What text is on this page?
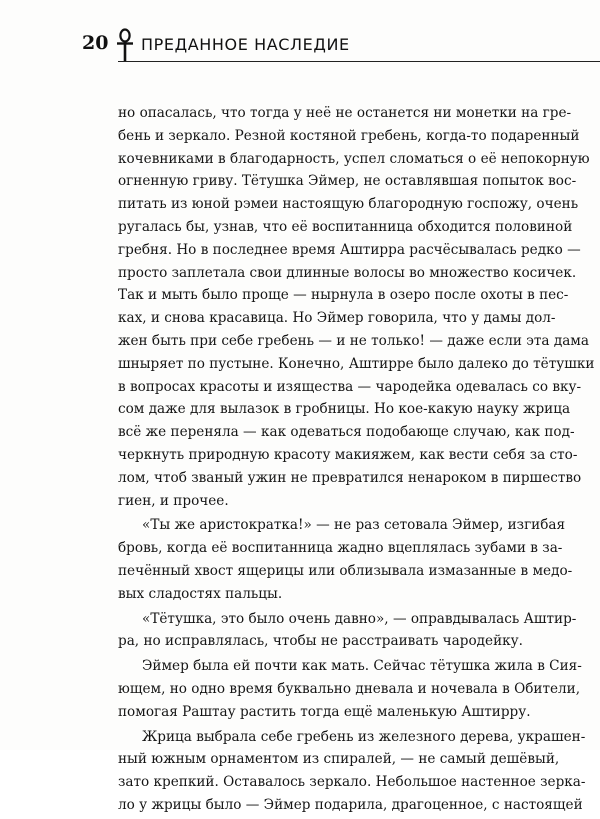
20 ПРЕДАННОЕ НАСЛЕДИЕ
но опасалась, что тогда у неё не останется ни монетки на гре-
бень и зеркало. Резной костяной гребень, когда-то подаренный
кочевниками в благодарность, успел сломаться о её непокорную
огненную гриву. Тётушка Эймер, не оставлявшая попыток вос-
питать из юной рэмеи настоящую благородную госпожу, очень
ругалась бы, узнав, что её воспитанница обходится половиной
гребня. Но в последнее время Аштирра расчёсывалась редко —
просто заплетала свои длинные волосы во множество косичек.
Так и мыть было проще — нырнула в озеро после охоты в пес-
ках, и снова красавица. Но Эймер говорила, что у дамы дол-
жен быть при себе гребень — и не только! — даже если эта дама
шныряет по пустыне. Конечно, Аштирре было далеко до тётушки
в вопросах красоты и изящества — чародейка одевалась со вку-
сом даже для вылазок в гробницы. Но кое-какую науку жрица
всё же переняла — как одеваться подобающе случаю, как под-
черкнуть природную красоту макияжем, как вести себя за сто-
лом, чтоб званый ужин не превратился ненароком в пиршество
гиен, и прочее.
«Ты же аристократка!» — не раз сетовала Эймер, изгибая
бровь, когда её воспитанница жадно вцеплялась зубами в за-
печённый хвост ящерицы или облизывала измазанные в медо-
вых сладостях пальцы.
«Тётушка, это было очень давно», — оправдывалась Аштир-
ра, но исправлялась, чтобы не расстраивать чародейку.
Эймер была ей почти как мать. Сейчас тётушка жила в Сия-
ющем, но одно время буквально дневала и ночевала в Обители,
помогая Раштау растить тогда ещё маленькую Аштирру.
Жрица выбрала себе гребень из железного дерева, украшен-
ный южным орнаментом из спиралей, — не самый дешёвый,
зато крепкий. Оставалось зеркало. Небольшое настенное зерка-
ло у жрицы было — Эймер подарила, драгоценное, с настоящей
